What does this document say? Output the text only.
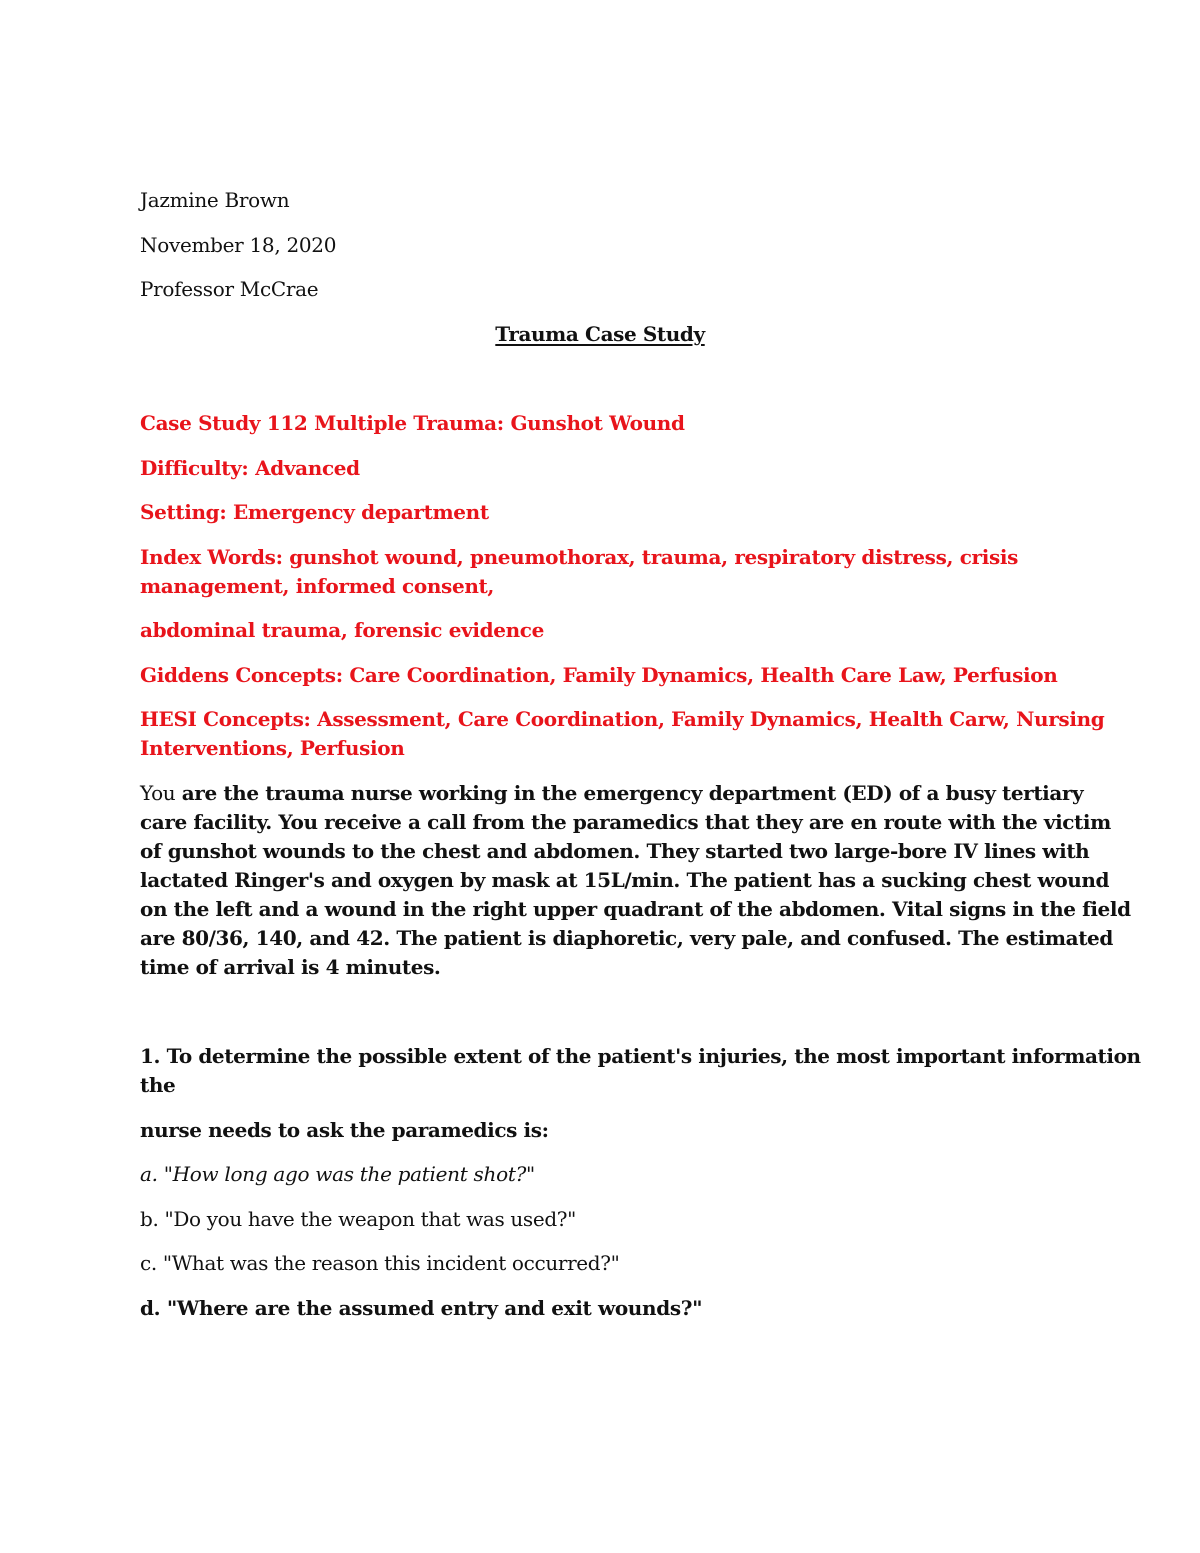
Jazmine Brown

November 18, 2020

Professor McCrae

Trauma Case Study

Case Study 112 Multiple Trauma: Gunshot Wound

Difficulty: Advanced

Setting: Emergency department

Index Words: gunshot wound, pneumothorax, trauma, respiratory distress, crisis

management, informed consent,

abdominal trauma, forensic evidence

Giddens Concepts: Care Coordination, Family Dynamics, Health Care Law, Perfusion

HESI Concepts: Assessment, Care Coordination, Family Dynamics, Health Carw, Nursing

Interventions, Perfusion

You are the trauma nurse working in the emergency department (ED) of a busy tertiary

care facility. You receive a call from the paramedics that they are en route with the victim

of gunshot wounds to the chest and abdomen. They started two large-bore IV lines with

lactated Ringer's and oxygen by mask at 15L/min. The patient has a sucking chest wound

on the left and a wound in the right upper quadrant of the abdomen. Vital signs in the field

are 80/36, 140, and 42. The patient is diaphoretic, very pale, and confused. The estimated

time of arrival is 4 minutes.

1. To determine the possible extent of the patient's injuries, the most important information

the

nurse needs to ask the paramedics is:

a. "How long ago was the patient shot?"

b. "Do you have the weapon that was used?"

c. "What was the reason this incident occurred?"

d. "Where are the assumed entry and exit wounds?"
